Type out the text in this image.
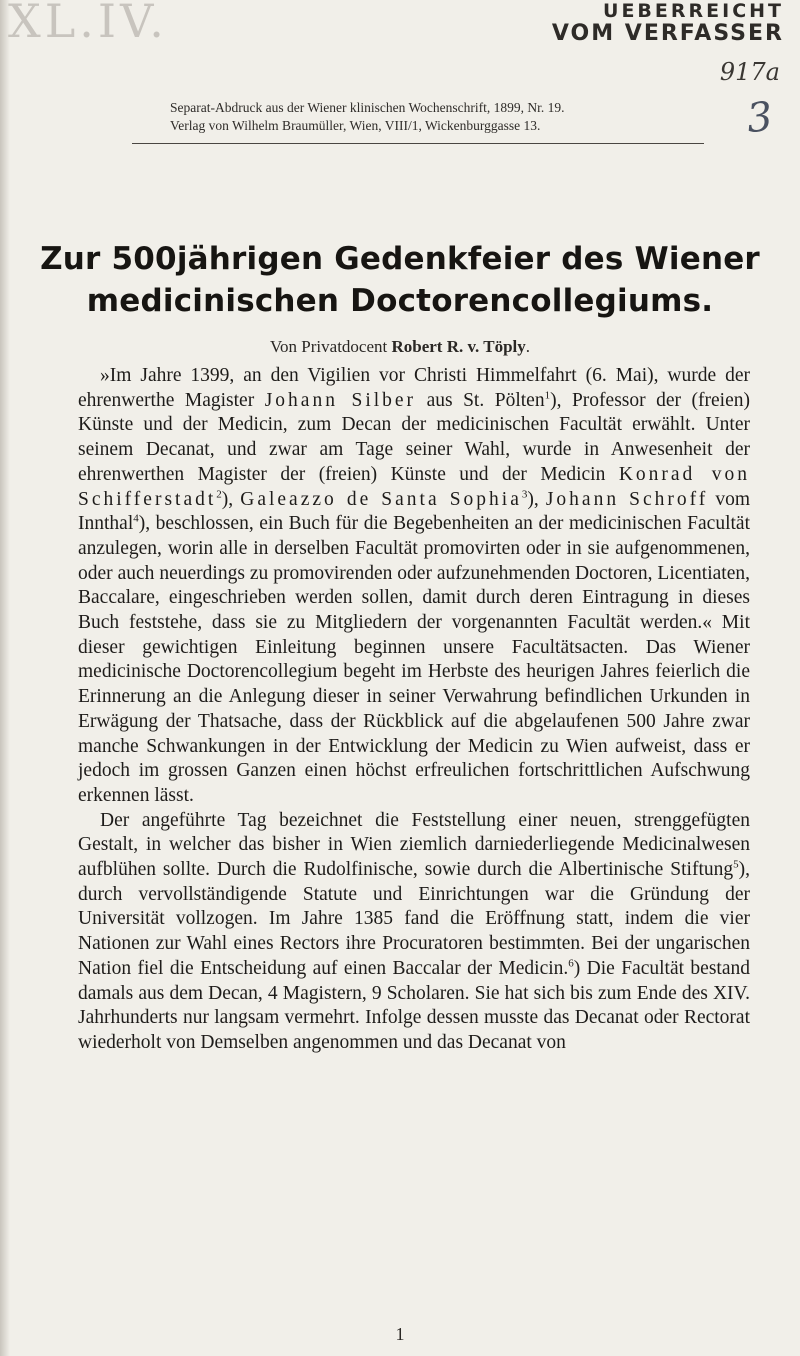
XL.IV.	UEBERREICHT
VOM VERFASSER
917a
3
Separat-Abdruck aus der Wiener klinischen Wochenschrift, 1899, Nr. 19.
Verlag von Wilhelm Braumüller, Wien, VIII/1, Wickenburggasse 13.
Zur 500jährigen Gedenkfeier des Wiener medicinischen Doctorencollegiums.
Von Privatdocent Robert R. v. Töply.

»Im Jahre 1399, an den Vigilien vor Christi Himmelfahrt (6. Mai), wurde der ehrenwerthe Magister Johann Silber aus St. Pölten$^1$), Professor der (freien) Künste und der Medicin, zum Decan der medicinischen Facultät erwählt. Unter seinem Decanat, und zwar am Tage seiner Wahl, wurde in Anwesenheit der ehrenwerthen Magister der (freien) Künste und der Medicin Konrad von Schifferstadt$^2$), Galeazzo de Santa Sophia$^3$), Johann Schroff vom Innthal$^4$), beschlossen, ein Buch für die Begebenheiten an der medicinischen Facultät anzulegen, worin alle in derselben Facultät promovirten oder in sie aufgenommenen, oder auch neuerdings zu promovirenden oder aufzunehmenden Doctoren, Licentiaten, Baccalare, eingeschrieben werden sollen, damit durch deren Eintragung in dieses Buch feststehe, dass sie zu Mitgliedern der vorgenannten Facultät werden.« Mit dieser gewichtigen Einleitung beginnen unsere Facultätsacten. Das Wiener medicinische Doctorencollegium begeht im Herbste des heurigen Jahres feierlich die Erinnerung an die Anlegung dieser in seiner Verwahrung befindlichen Urkunden in Erwägung der Thatsache, dass der Rückblick auf die abgelaufenen 500 Jahre zwar manche Schwankungen in der Entwicklung der Medicin zu Wien aufweist, dass er jedoch im grossen Ganzen einen höchst erfreulichen fortschrittlichen Aufschwung erkennen lässt.

Der angeführte Tag bezeichnet die Feststellung einer neuen, strenggefügten Gestalt, in welcher das bisher in Wien ziemlich darniederliegende Medicinalwesen aufblühen sollte. Durch die Rudolfinische, sowie durch die Albertinische Stiftung$^5$), durch vervollständigende Statute und Einrichtungen war die Gründung der Universität vollzogen. Im Jahre 1385 fand die Eröffnung statt, indem die vier Nationen zur Wahl eines Rectors ihre Procuratoren bestimmten. Bei der ungarischen Nation fiel die Entscheidung auf einen Baccalar der Medicin.$^6$) Die Facultät bestand damals aus dem Decan, 4 Magistern, 9 Scholaren. Sie hat sich bis zum Ende des XIV. Jahrhunderts nur langsam vermehrt. Infolge dessen musste das Decanat oder Rectorat wiederholt von Demselben angenommen und das Decanat von

1
